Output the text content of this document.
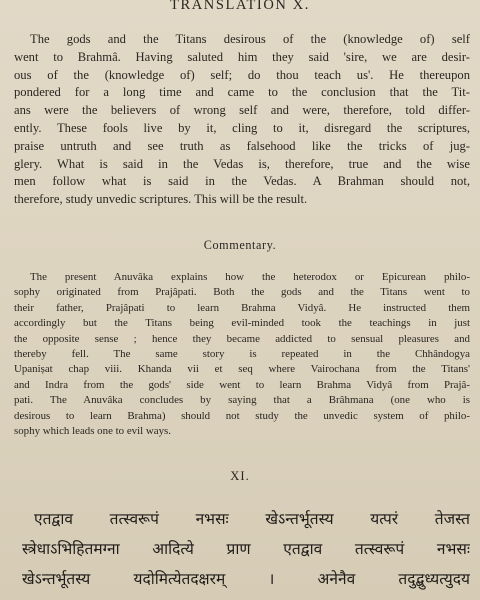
TRANSLATION X.
The gods and the Titans desirous of the (knowledge of) self
went to Brahmâ. Having saluted him they said 'sire, we are desir-
ous of the (knowledge of) self; do thou teach us'. He thereupon
pondered for a long time and came to the conclusion that the Tit-
ans were the believers of wrong self and were, therefore, told differ-
ently. These fools live by it, cling to it, disregard the scriptures,
praise untruth and see truth as falsehood like the tricks of jug-
glery. What is said in the Vedas is, therefore, true and the wise
men follow what is said in the Vedas. A Brahman should not,
therefore, study unvedic scriptures. This will be the result.
Commentary.
The present Anuvâka explains how the heterodox or Epicurean philo-
sophy originated from Prajâpati. Both the gods and the Titans went to
their father, Prajâpati to learn Brahma Vidyâ. He instructed them
accordingly but the Titans being evil-minded took the teachings in just
the opposite sense ; hence they became addicted to sensual pleasures and
thereby fell. The same story is repeated in the Chhândogya
Upanișat chap viii. Khanda vii et seq where Vairochana from the Titans'
and Indra from the gods' side went to learn Brahma Vidyâ from Prajâ-
pati. The Anuvâka concludes by saying that a Brâhmana (one who is
desirous to learn Brahma) should not study the unvedic system of philo-
sophy which leads one to evil ways.
XI.
एतद्वाव तत्स्वरूपं नभसः खेऽन्तर्भूतस्य यत्परं तेजस्त
स्त्रेधाऽभिहितमग्ना आदित्ये प्राण एतद्वाव तत्स्वरूपं नभसः
खेऽन्तर्भूतस्य यदोमित्येतदक्षरम् । अनेनैव तदुद्बुध्यत्युदय
